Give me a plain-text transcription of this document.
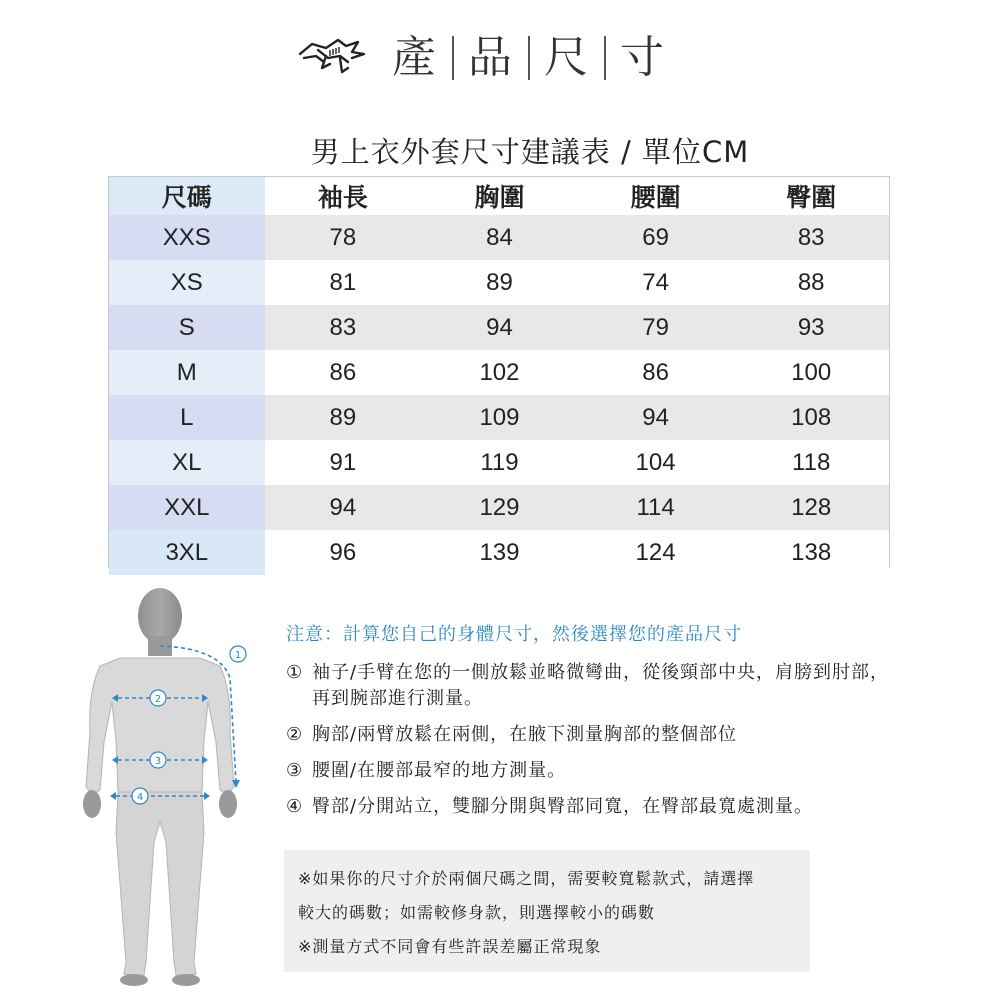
產 品 尺 寸
男上衣外套尺寸建議表 / 單位CM
尺碼	袖長	胸圍	腰圍	臀圍
XXS	78	84	69	83
XS	81	89	74	88
S	83	94	79	93
M	86	102	86	100
L	89	109	94	108
XL	91	119	104	118
XXL	94	129	114	128
3XL	96	139	124	138
1
2
3
4
注意：計算您自己的身體尺寸，然後選擇您的產品尺寸
① 袖子/手臂在您的一側放鬆並略微彎曲，從後頸部中央，肩膀到肘部，
再到腕部進行測量。
② 胸部/兩臂放鬆在兩側，在腋下測量胸部的整個部位
③ 腰圍/在腰部最窄的地方測量。
④ 臀部/分開站立，雙腳分開與臀部同寬，在臀部最寬處測量。
※如果你的尺寸介於兩個尺碼之間，需要較寬鬆款式，請選擇
較大的碼數；如需較修身款，則選擇較小的碼數
※測量方式不同會有些許誤差屬正常現象
